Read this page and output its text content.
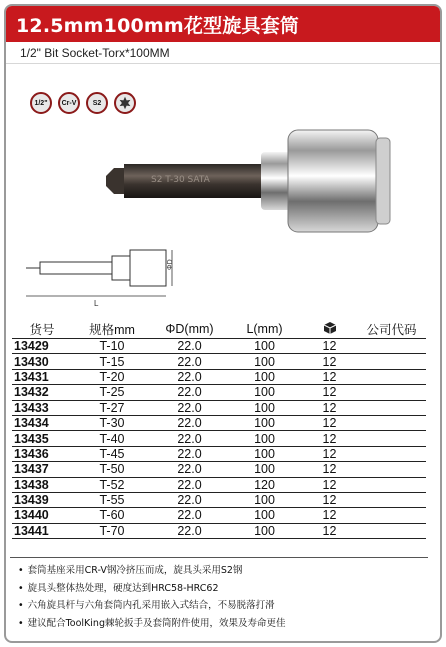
12.5mm100mm花型旋具套筒
1/2" Bit Socket-Torx*100MM
1/2" Cr-V S2
S2 T-30 SATA
ΦD
L
货号	规格mm	ΦD(mm)	L(mm)		公司代码
13429	T-10	22.0	100	12	
13430	T-15	22.0	100	12	
13431	T-20	22.0	100	12	
13432	T-25	22.0	100	12	
13433	T-27	22.0	100	12	
13434	T-30	22.0	100	12	
13435	T-40	22.0	100	12	
13436	T-45	22.0	100	12	
13437	T-50	22.0	100	12	
13438	T-52	22.0	120	12	
13439	T-55	22.0	100	12	
13440	T-60	22.0	100	12	
13441	T-70	22.0	100	12	
• 套筒基座采用CR-V钢冷挤压而成，旋具头采用S2钢
• 旋具头整体热处理，硬度达到HRC58-HRC62
• 六角旋具杆与六角套筒内孔采用嵌入式结合，不易脱落打滑
• 建议配合ToolKing棘轮扳手及套筒附件使用，效果及寿命更佳
